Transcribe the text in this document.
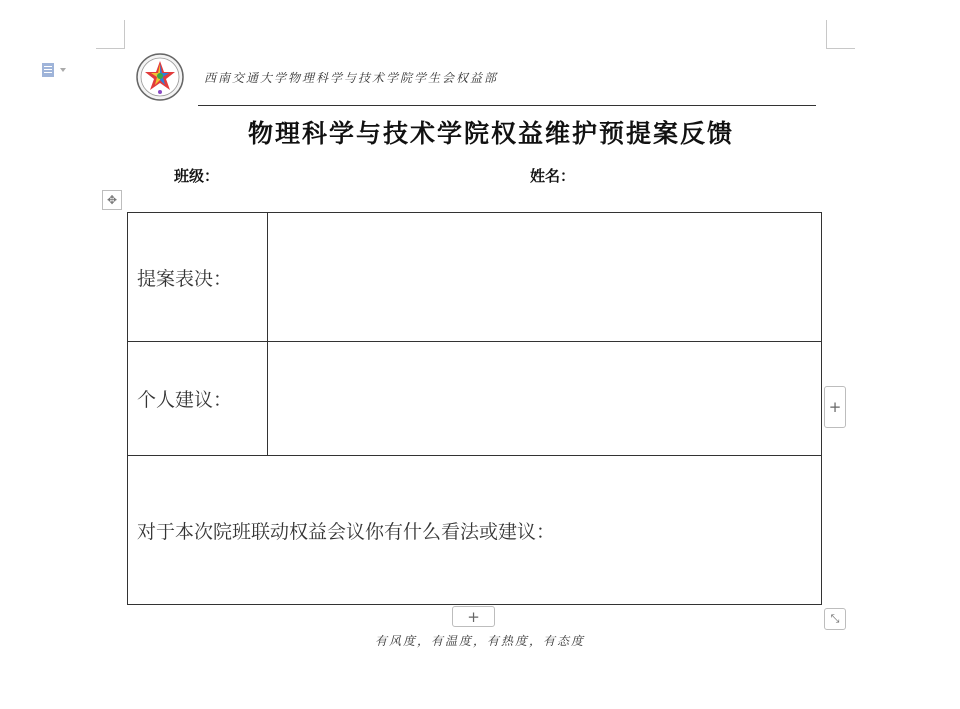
西南交通大学物理科学与技术学院学生会权益部
物理科学与技术学院权益维护预提案反馈
班级：	姓名：
✥
提案表决：	
个人建议：	
对于本次院班联动权益会议你有什么看法或建议：	
+
+	⤡
有风度，有温度，有热度，有态度
